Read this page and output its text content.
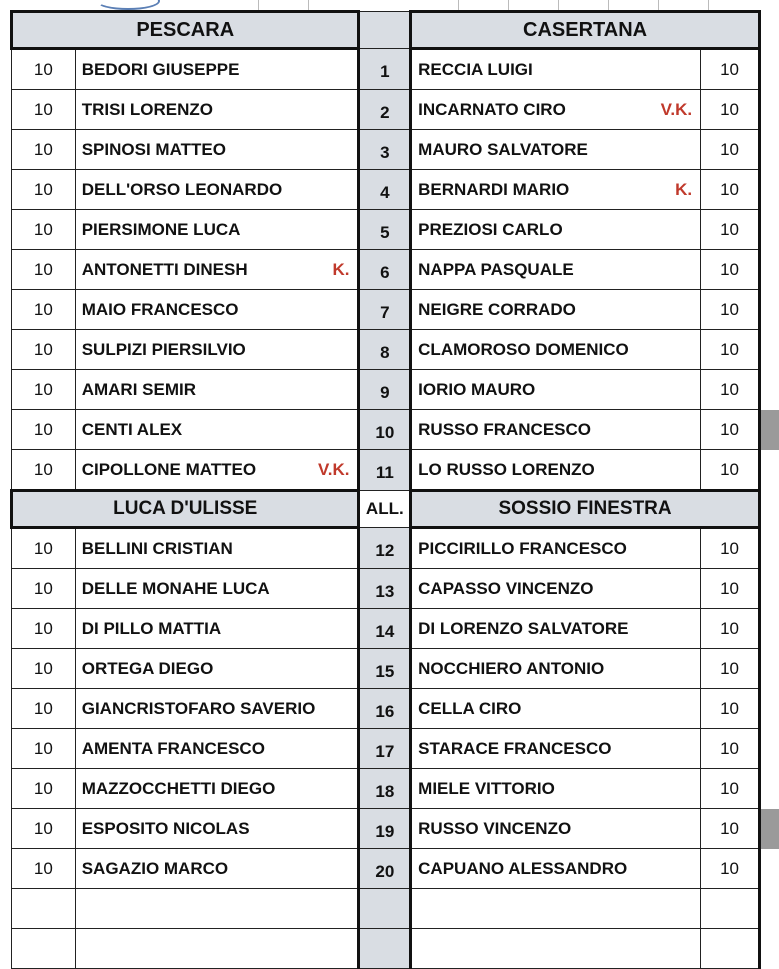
PESCARA			CASERTANA		
10	BEDORI GIUSEPPE	1	RECCIA LUIGI	10	
10	TRISI LORENZO	2	INCARNATO CIRO V.K.	10	
10	SPINOSI MATTEO	3	MAURO SALVATORE	10	
10	DELL'ORSO LEONARDO	4	BERNARDI MARIO K.	10	
10	PIERSIMONE LUCA	5	PREZIOSI CARLO	10	
10	ANTONETTI DINESH K.	6	NAPPA PASQUALE	10	
10	MAIO FRANCESCO	7	NEIGRE CORRADO	10	
10	SULPIZI PIERSILVIO	8	CLAMOROSO DOMENICO	10	
10	AMARI SEMIR	9	IORIO MAURO	10	
10	CENTI ALEX	10	RUSSO FRANCESCO	10	
10	CIPOLLONE MATTEO V.K.	11	LO RUSSO LORENZO	10	
LUCA D'ULISSE		ALL.	SOSSIO FINESTRA		
10	BELLINI CRISTIAN	12	PICCIRILLO FRANCESCO	10	
10	DELLE MONAHE LUCA	13	CAPASSO VINCENZO	10	
10	DI PILLO MATTIA	14	DI LORENZO SALVATORE	10	
10	ORTEGA DIEGO	15	NOCCHIERO ANTONIO	10	
10	GIANCRISTOFARO SAVERIO	16	CELLA CIRO	10	
10	AMENTA FRANCESCO	17	STARACE FRANCESCO	10	
10	MAZZOCCHETTI DIEGO	18	MIELE VITTORIO	10	
10	ESPOSITO NICOLAS	19	RUSSO VINCENZO	10	
10	SAGAZIO MARCO	20	CAPUANO ALESSANDRO	10	
